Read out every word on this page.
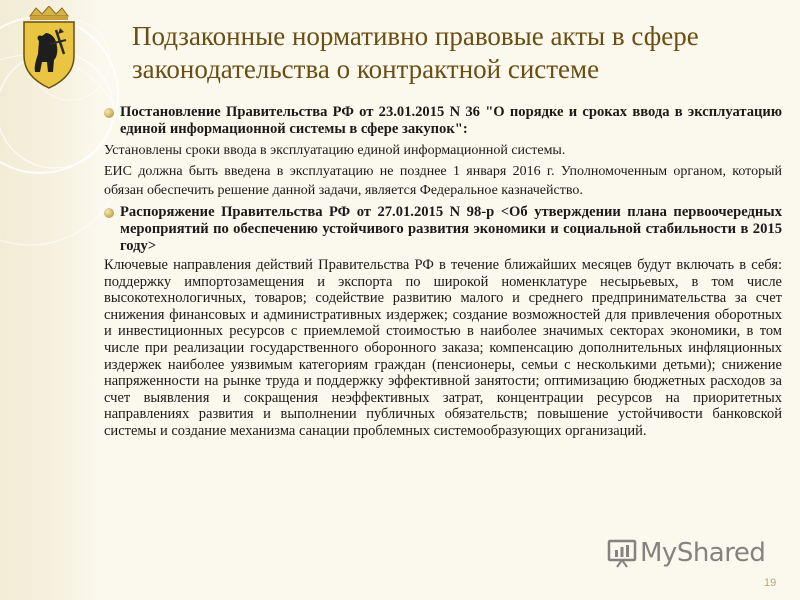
Подзаконные нормативно правовые акты в сфере законодательства о контрактной системе
Постановление Правительства РФ от 23.01.2015 N 36 "О порядке и сроках ввода в эксплуатацию единой информационной системы в сфере закупок":

Установлены сроки ввода в эксплуатацию единой информационной системы.

ЕИС должна быть введена в эксплуатацию не позднее 1 января 2016 г. Уполномоченным органом, который обязан обеспечить решение данной задачи, является Федеральное казначейство.

Распоряжение Правительства РФ от 27.01.2015 N 98-р <Об утверждении плана первоочередных мероприятий по обеспечению устойчивого развития экономики и социальной стабильности в 2015 году>

Ключевые направления действий Правительства РФ в течение ближайших месяцев будут включать в себя: поддержку импортозамещения и экспорта по широкой номенклатуре несырьевых, в том числе высокотехнологичных, товаров; содействие развитию малого и среднего предпринимательства за счет снижения финансовых и административных издержек; создание возможностей для привлечения оборотных и инвестиционных ресурсов с приемлемой стоимостью в наиболее значимых секторах экономики, в том числе при реализации государственного оборонного заказа; компенсацию дополнительных инфляционных издержек наиболее уязвимым категориям граждан (пенсионеры, семьи с несколькими детьми); снижение напряженности на рынке труда и поддержку эффективной занятости; оптимизацию бюджетных расходов за счет выявления и сокращения неэффективных затрат, концентрации ресурсов на приоритетных направлениях развития и выполнении публичных обязательств; повышение устойчивости банковской системы и создание механизма санации проблемных системообразующих организаций.

MyShared
19
